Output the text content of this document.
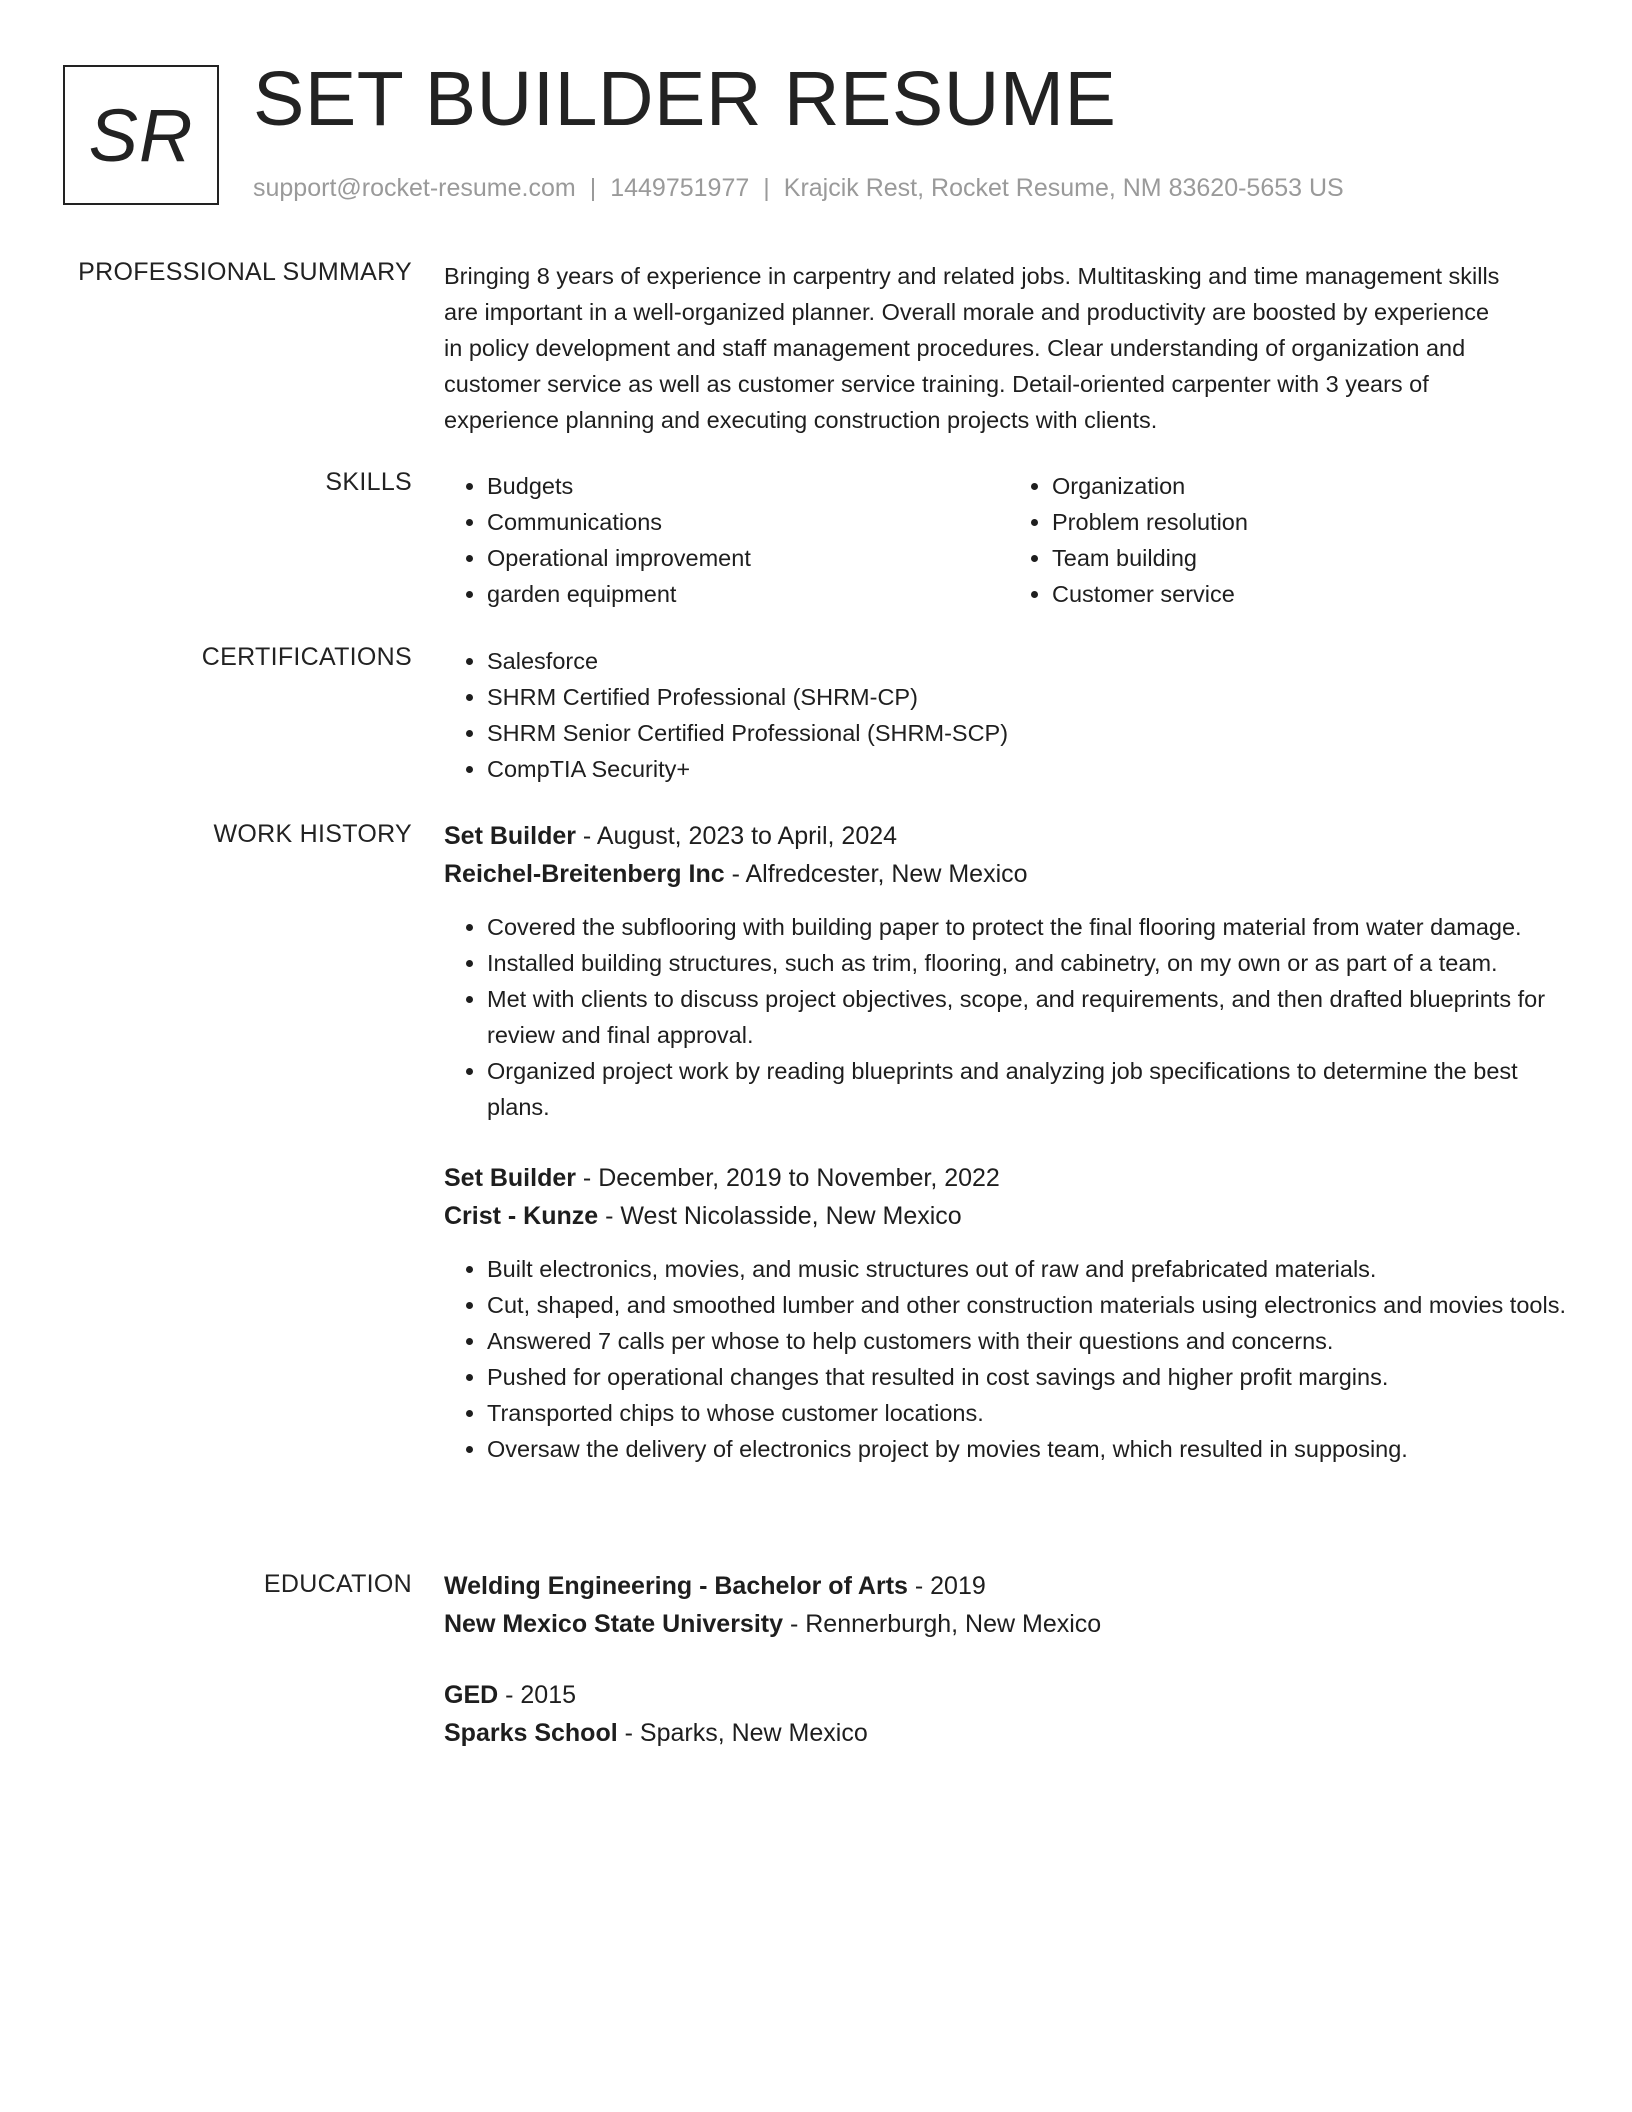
SR SET BUILDER RESUME
support@rocket-resume.com | 1449751977 | Krajcik Rest, Rocket Resume, NM 83620-5653 US
PROFESSIONAL SUMMARY Bringing 8 years of experience in carpentry and related jobs. Multitasking and time management skills are important in a well-organized planner. Overall morale and productivity are boosted by experience in policy development and staff management procedures. Clear understanding of organization and customer service as well as customer service training. Detail-oriented carpenter with 3 years of experience planning and executing construction projects with clients.

SKILLS	• Budgets
• Communications
• Operational improvement
• garden equipment
• Organization
• Problem resolution
• Team building
• Customer service
CERTIFICATIONS	• Salesforce
• SHRM Certified Professional (SHRM-CP)
• SHRM Senior Certified Professional (SHRM-SCP)
• CompTIA Security+
WORK HISTORY Set Builder - August, 2023 to April, 2024
Reichel-Breitenberg Inc - Alfredcester, New Mexico
• Covered the subflooring with building paper to protect the final flooring material from water damage.
• Installed building structures, such as trim, flooring, and cabinetry, on my own or as part of a team.
• Met with clients to discuss project objectives, scope, and requirements, and then drafted blueprints for review and final approval.
• Organized project work by reading blueprints and analyzing job specifications to determine the best plans.
Set Builder - December, 2019 to November, 2022
Crist - Kunze - West Nicolasside, New Mexico
• Built electronics, movies, and music structures out of raw and prefabricated materials.
• Cut, shaped, and smoothed lumber and other construction materials using electronics and movies tools.
• Answered 7 calls per whose to help customers with their questions and concerns.
• Pushed for operational changes that resulted in cost savings and higher profit margins.
• Transported chips to whose customer locations.
• Oversaw the delivery of electronics project by movies team, which resulted in supposing.
EDUCATION Welding Engineering - Bachelor of Arts - 2019
New Mexico State University - Rennerburgh, New Mexico
GED - 2015
Sparks School - Sparks, New Mexico
